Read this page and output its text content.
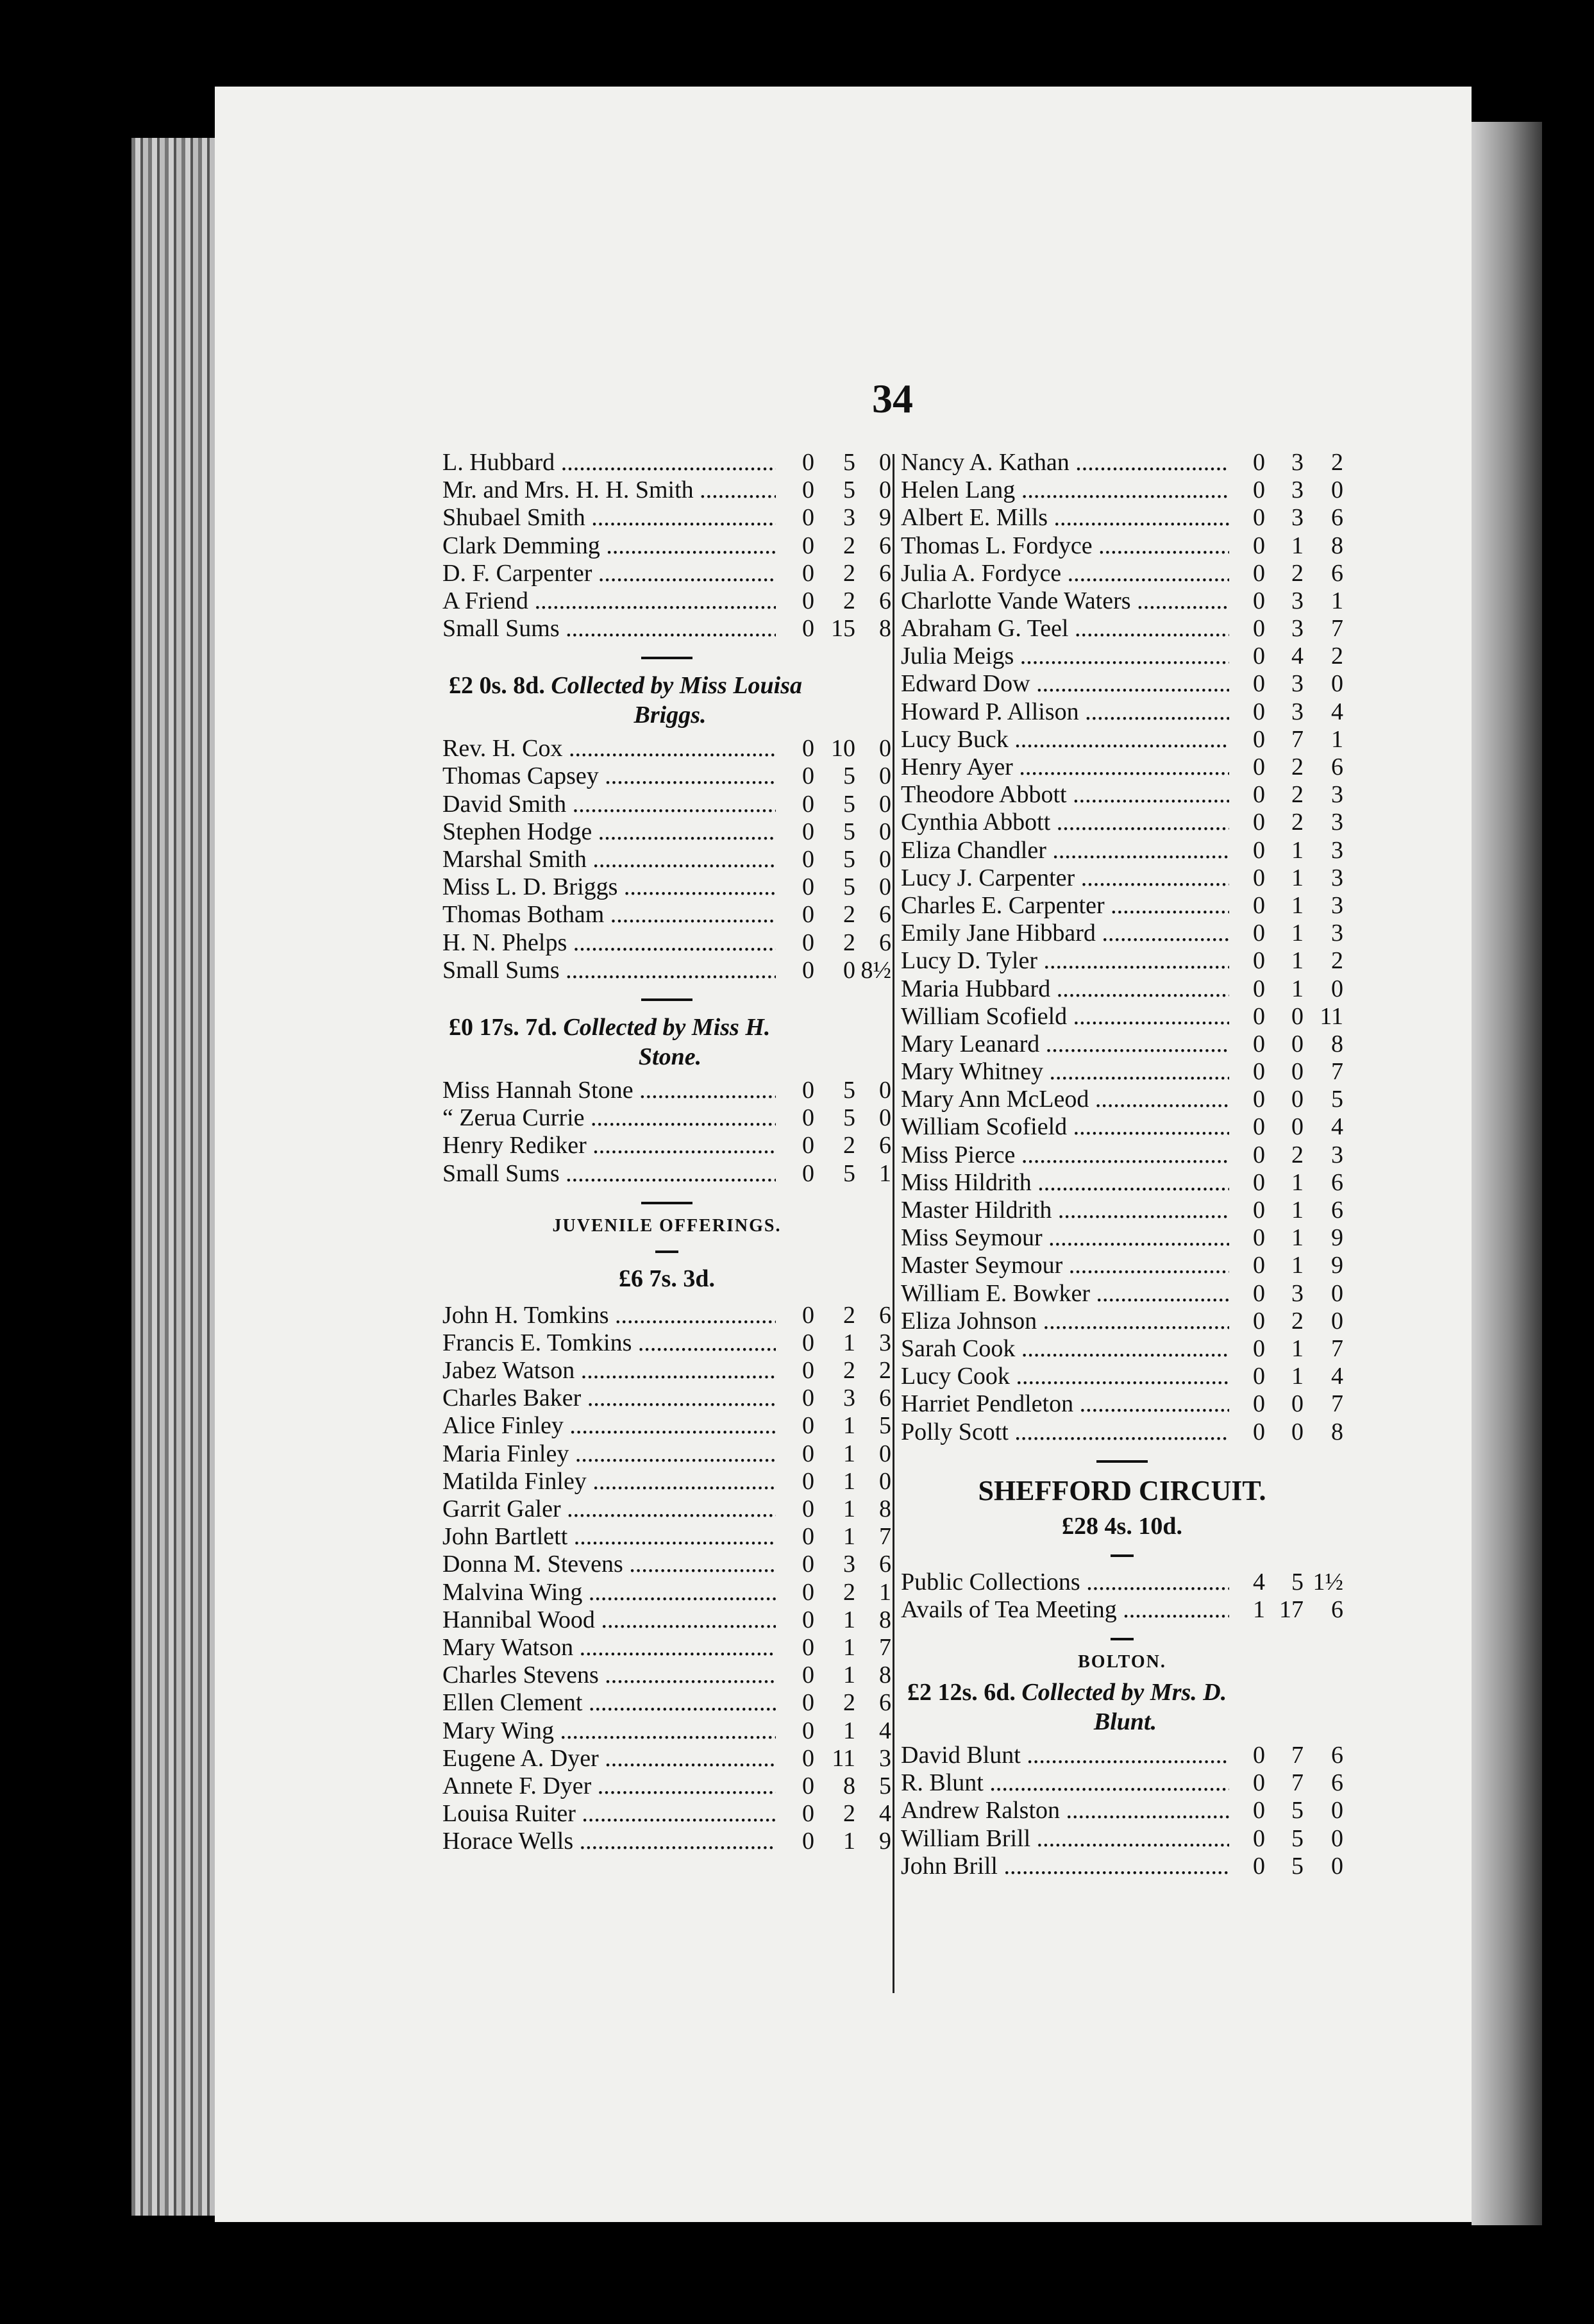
34
L. Hubbard .....	0	5 0
Mr. and Mrs. H. H. Smith .....	0	5 0
Shubael Smith .....	0	3 9
Clark Demming .....	0	2 6
D. F. Carpenter .....	0	2 6
A Friend .....	0	2 6
Small Sums .....	0 15 8
£2 0s. 8d. Collected by Miss Louisa
Briggs.
Rev. H. Cox .....	0 10 0
Thomas Capsey .....	0	5 0
David Smith .....	0	5 0
Stephen Hodge .....	0	5 0
Marshal Smith .....	0	5 0
Miss L. D. Briggs .....	0	5 0
Thomas Botham .....	0	2 6
H. N. Phelps .....	0	2 6
Small Sums .....	0	0 8½
£0 17s. 7d. Collected by Miss H.
Stone.
Miss Hannah Stone .....	0	5 0
“ Zerua Currie .....	0	5 0
Henry Rediker .....	0	2 6
Small Sums .....	0	5 1
JUVENILE OFFERINGS.
£6 7s. 3d.
John H. Tomkins .....	0	2 6
Francis E. Tomkins .....	0	1 3
Jabez Watson .....	0	2 2
Charles Baker .....	0	3 6
Alice Finley .....	0	1 5
Maria Finley .....	0	1 0
Matilda Finley .....	0	1 0
Garrit Galer .....	0	1 8
John Bartlett .....	0	1 7
Donna M. Stevens .....	0	3 6
Malvina Wing .....	0	2 1
Hannibal Wood .....	0	1 8
Mary Watson .....	0	1 7
Charles Stevens .....	0	1 8
Ellen Clement .....	0	2 6
Mary Wing .....	0	1 4
Eugene A. Dyer .....	0 11 3
Annete F. Dyer .....	0	8 5
Louisa Ruiter .....	0	2 4
Horace Wells .....	0	1 9
Nancy A. Kathan .....	0	3	2
Helen Lang .....	0	3	0
Albert E. Mills .....	0	3	6
Thomas L. Fordyce .....	0	1	8
Julia A. Fordyce .....	0	2	6
Charlotte Vande Waters .....	0	3	1
Abraham G. Teel .....	0	3	7
Julia Meigs .....	0	4	2
Edward Dow .....	0	3	0
Howard P. Allison .....	0	3	4
Lucy Buck .....	0	7	1
Henry Ayer .....	0	2	6
Theodore Abbott .....	0	2	3
Cynthia Abbott .....	0	2	3
Eliza Chandler .....	0	1	3
Lucy J. Carpenter .....	0	1	3
Charles E. Carpenter .....	0	1	3
Emily Jane Hibbard .....	0	1	3
Lucy D. Tyler .....	0	1	2
Maria Hubbard .....	0	1	0
William Scofield .....	0	0 11
Mary Leanard .....	0	0	8
Mary Whitney .....	0	0	7
Mary Ann McLeod .....	0	0	5
William Scofield .....	0	0	4
Miss Pierce .....	0	2	3
Miss Hildrith .....	0	1	6
Master Hildrith .....	0	1	6
Miss Seymour .....	0	1	9
Master Seymour .....	0	1	9
William E. Bowker .....	0	3	0
Eliza Johnson .....	0	2	0
Sarah Cook .....	0	1	7
Lucy Cook .....	0	1	4
Harriet Pendleton .....	0	0	7
Polly Scott .....	0	0	8
SHEFFORD CIRCUIT.
£28 4s. 10d.
Public Collections .....	4	5 1½
Avails of Tea Meeting .....	1 17	6
BOLTON.
£2 12s. 6d. Collected by Mrs. D.
Blunt.
David Blunt .....	0	7	6
R. Blunt .....	0	7	6
Andrew Ralston .....	0	5	0
William Brill .....	0	5	0
John Brill .....	0	5	0
